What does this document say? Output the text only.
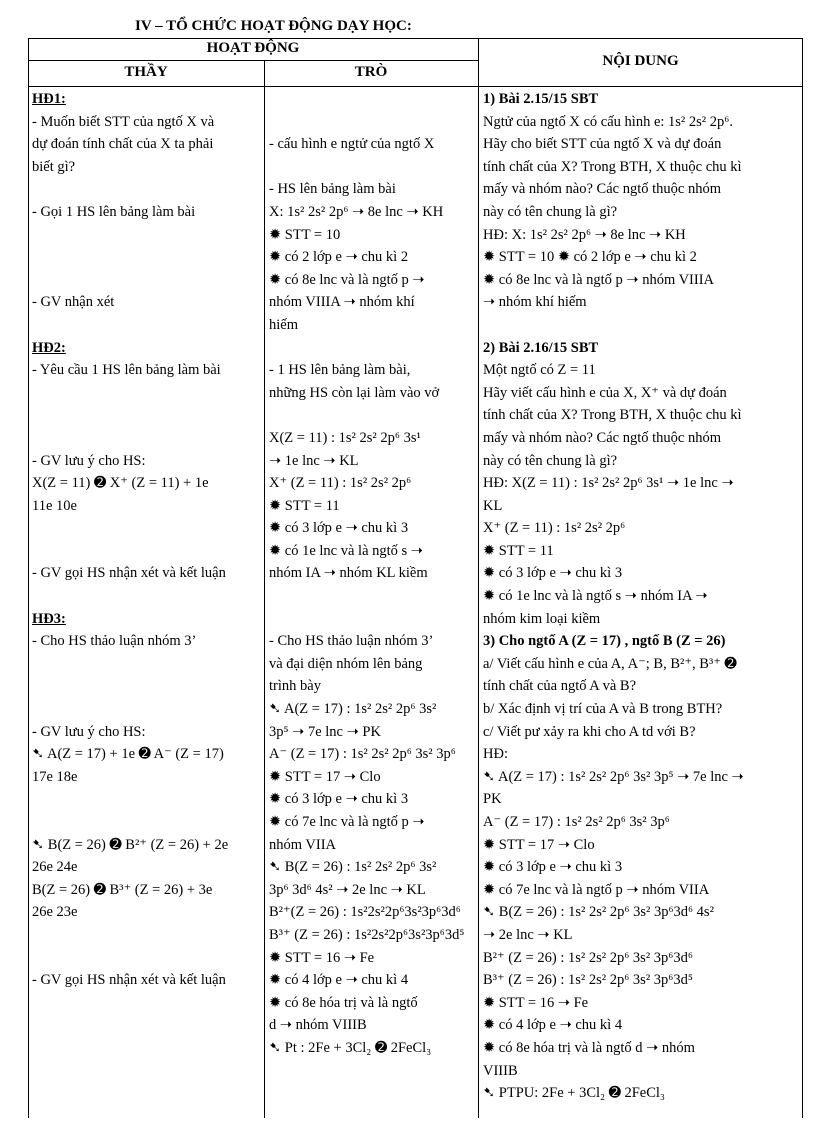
IV – TỔ CHỨC HOẠT ĐỘNG DẠY HỌC:
HOẠT ĐỘNG
THẦY	TRÒ
NỘI DUNG
HĐ1:
- Muốn biết STT của ngtố X và
dự đoán tính chất của X ta phải
biết gì?

- Gọi 1 HS lên bảng làm bài

- GV nhận xét

HĐ2:
- Yêu cầu 1 HS lên bảng làm bài

- GV lưu ý cho HS:
X(Z = 11) ➋ X⁺ (Z = 11) + 1e
11e 10e

- GV gọi HS nhận xét và kết luận

HĐ3:
- Cho HS thảo luận nhóm 3’

- GV lưu ý cho HS:
➷ A(Z = 17) + 1e ➋ A⁻ (Z = 17)
17e 18e

➷ B(Z = 26) ➋ B²⁺ (Z = 26) + 2e
26e 24e
B(Z = 26) ➋ B³⁺ (Z = 26) + 3e
26e 23e

- GV gọi HS nhận xét và kết luận

- cấu hình e ngtử của ngtố X

- HS lên bảng làm bài
X: 1s² 2s² 2p⁶ ➝ 8e lnc ➝ KH
✹ STT = 10
✹ có 2 lớp e ➝ chu kì 2
✹ có 8e lnc và là ngtố p ➝
nhóm VIIIA ➝ nhóm khí
hiếm

- 1 HS lên bảng làm bài,
những HS còn lại làm vào vở

X(Z = 11) : 1s² 2s² 2p⁶ 3s¹
➝ 1e lnc ➝ KL
X⁺ (Z = 11) : 1s² 2s² 2p⁶
✹ STT = 11
✹ có 3 lớp e ➝ chu kì 3
✹ có 1e lnc và là ngtố s ➝
nhóm IA ➝ nhóm KL kiềm

- Cho HS thảo luận nhóm 3’
và đại diện nhóm lên bảng
trình bày
➷ A(Z = 17) : 1s² 2s² 2p⁶ 3s²
3p⁵ ➝ 7e lnc ➝ PK
A⁻ (Z = 17) : 1s² 2s² 2p⁶ 3s² 3p⁶
✹ STT = 17 ➝ Clo
✹ có 3 lớp e ➝ chu kì 3
✹ có 7e lnc và là ngtố p ➝
nhóm VIIA
➷ B(Z = 26) : 1s² 2s² 2p⁶ 3s²
3p⁶ 3d⁶ 4s² ➝ 2e lnc ➝ KL
B²⁺(Z = 26) : 1s²2s²2p⁶3s²3p⁶3d⁶
B³⁺ (Z = 26) : 1s²2s²2p⁶3s²3p⁶3d⁵
✹ STT = 16 ➝ Fe
✹ có 4 lớp e ➝ chu kì 4
✹ có 8e hóa trị và là ngtố
d ➝ nhóm VIIIB
➷ Pt : 2Fe + 3Cl₂ ➋ 2FeCl₃
1) Bài 2.15/15 SBT
Ngtử của ngtố X có cấu hình e: 1s² 2s² 2p⁶.
Hãy cho biết STT của ngtố X và dự đoán
tính chất của X? Trong BTH, X thuộc chu kì
mấy và nhóm nào? Các ngtố thuộc nhóm
này có tên chung là gì?
HĐ: X: 1s² 2s² 2p⁶ ➝ 8e lnc ➝ KH
✹ STT = 10 ✹ có 2 lớp e ➝ chu kì 2
✹ có 8e lnc và là ngtố p ➝ nhóm VIIIA
➝ nhóm khí hiếm

2) Bài 2.16/15 SBT
Một ngtố có Z = 11
Hãy viết cấu hình e của X, X⁺ và dự đoán
tính chất của X? Trong BTH, X thuộc chu kì
mấy và nhóm nào? Các ngtố thuộc nhóm
này có tên chung là gì?
HĐ: X(Z = 11) : 1s² 2s² 2p⁶ 3s¹ ➝ 1e lnc ➝
KL
X⁺ (Z = 11) : 1s² 2s² 2p⁶
✹ STT = 11
✹ có 3 lớp e ➝ chu kì 3
✹ có 1e lnc và là ngtố s ➝ nhóm IA ➝
nhóm kim loại kiềm
3) Cho ngtố A (Z = 17) , ngtố B (Z = 26)
a/ Viết cấu hình e của A, A⁻; B, B²⁺, B³⁺ ➋
tính chất của ngtố A và B?
b/ Xác định vị trí của A và B trong BTH?
c/ Viết pư xảy ra khi cho A td với B?
HĐ:
➷ A(Z = 17) : 1s² 2s² 2p⁶ 3s² 3p⁵ ➝ 7e lnc ➝
PK
A⁻ (Z = 17) : 1s² 2s² 2p⁶ 3s² 3p⁶
✹ STT = 17 ➝ Clo
✹ có 3 lớp e ➝ chu kì 3
✹ có 7e lnc và là ngtố p ➝ nhóm VIIA
➷ B(Z = 26) : 1s² 2s² 2p⁶ 3s² 3p⁶3d⁶ 4s²
➝ 2e lnc ➝ KL
B²⁺ (Z = 26) : 1s² 2s² 2p⁶ 3s² 3p⁶3d⁶
B³⁺ (Z = 26) : 1s² 2s² 2p⁶ 3s² 3p⁶3d⁵
✹ STT = 16 ➝ Fe
✹ có 4 lớp e ➝ chu kì 4
✹ có 8e hóa trị và là ngtố d ➝ nhóm
VIIIB
➷ PTPU: 2Fe + 3Cl₂ ➋ 2FeCl₃
